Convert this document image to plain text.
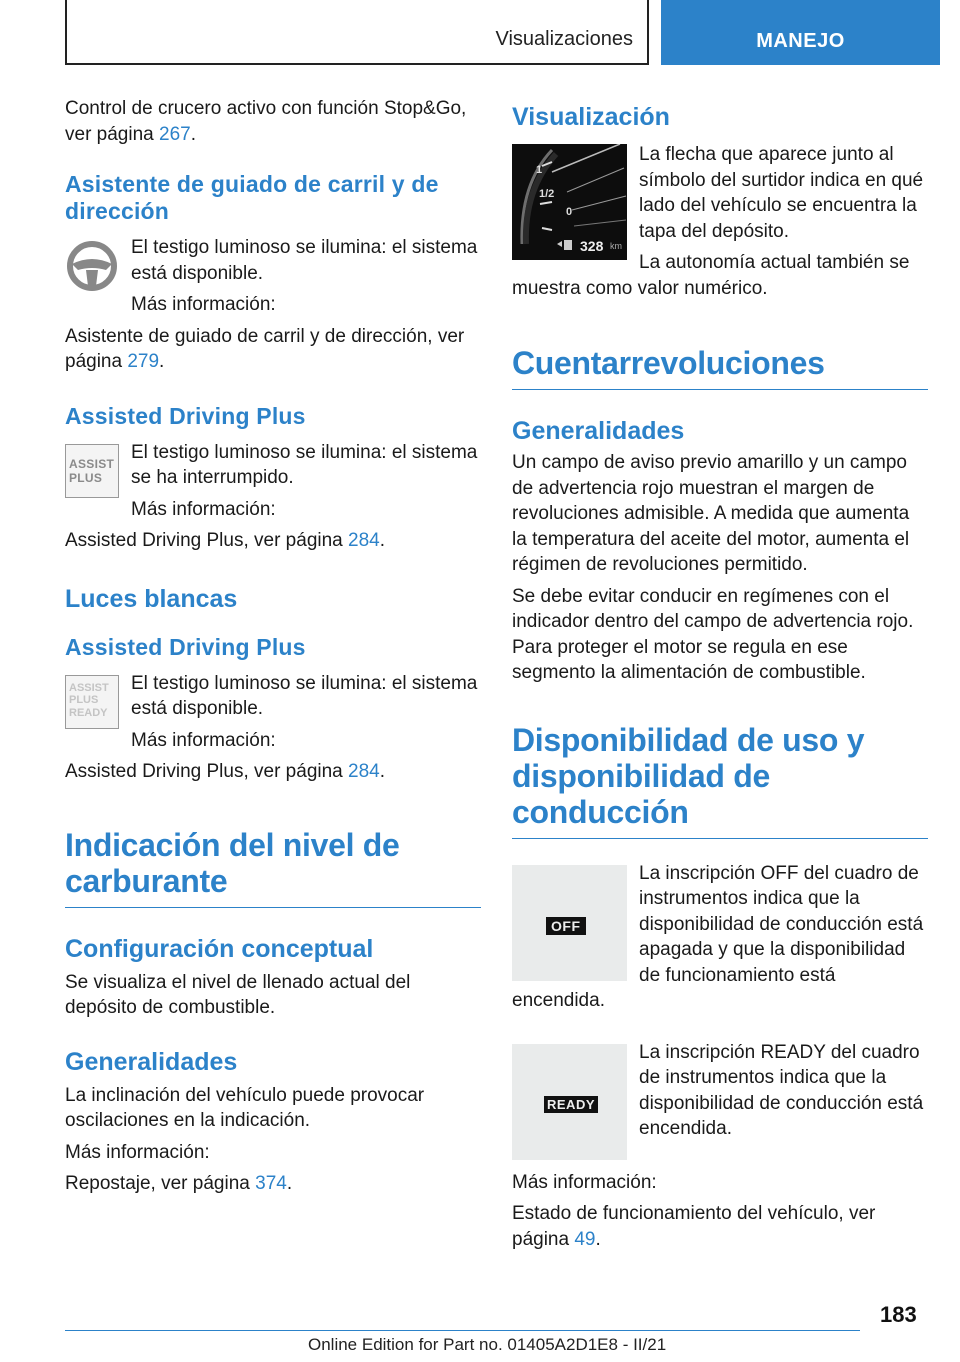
Visualizaciones	MANEJO

Control de crucero activo con función Stop&Go, ver página 267.

Asistente de guiado de carril y de dirección

El testigo luminoso se ilumina: el sistema está disponible.

Más información:

Asistente de guiado de carril y de dirección, ver página 279.

Assisted Driving Plus
ASSIST
PLUS

El testigo luminoso se ilumina: el sistema se ha interrumpido.

Más información:

Assisted Driving Plus, ver página 284.

Luces blancas
Assisted Driving Plus
ASSIST
PLUS
READY

El testigo luminoso se ilumina: el sistema está disponible.

Más información:

Assisted Driving Plus, ver página 284.

Indicación del nivel de carburante
Configuración conceptual

Se visualiza el nivel de llenado actual del depósito de combustible.

Generalidades

La inclinación del vehículo puede provocar oscilaciones en la indicación.

Más información:

Repostaje, ver página 374.

Visualización
1
1/2
0
328 km

La flecha que aparece junto al símbolo del surtidor indica en qué lado del vehículo se encuentra la tapa del depósito.

La autonomía actual también se muestra como valor numérico.

Cuentarrevoluciones
Generalidades

Un campo de aviso previo amarillo y un campo de advertencia rojo muestran el margen de revoluciones admisible. A medida que aumenta la temperatura del aceite del motor, aumenta el régimen de revoluciones permitido.

Se debe evitar conducir en regímenes con el indicador dentro del campo de advertencia rojo. Para proteger el motor se regula en ese segmento la alimentación de combustible.

Disponibilidad de uso y disponibilidad de conducción
OFF

La inscripción OFF del cuadro de instrumentos indica que la disponibilidad de conducción está apagada y que la disponibilidad de funcionamiento está encendida.

READY

La inscripción READY del cuadro de instrumentos indica que la disponibilidad de conducción está encendida.

Más información:

Estado de funcionamiento del vehículo, ver página 49.

183
Online Edition for Part no. 01405A2D1E8 - II/21
